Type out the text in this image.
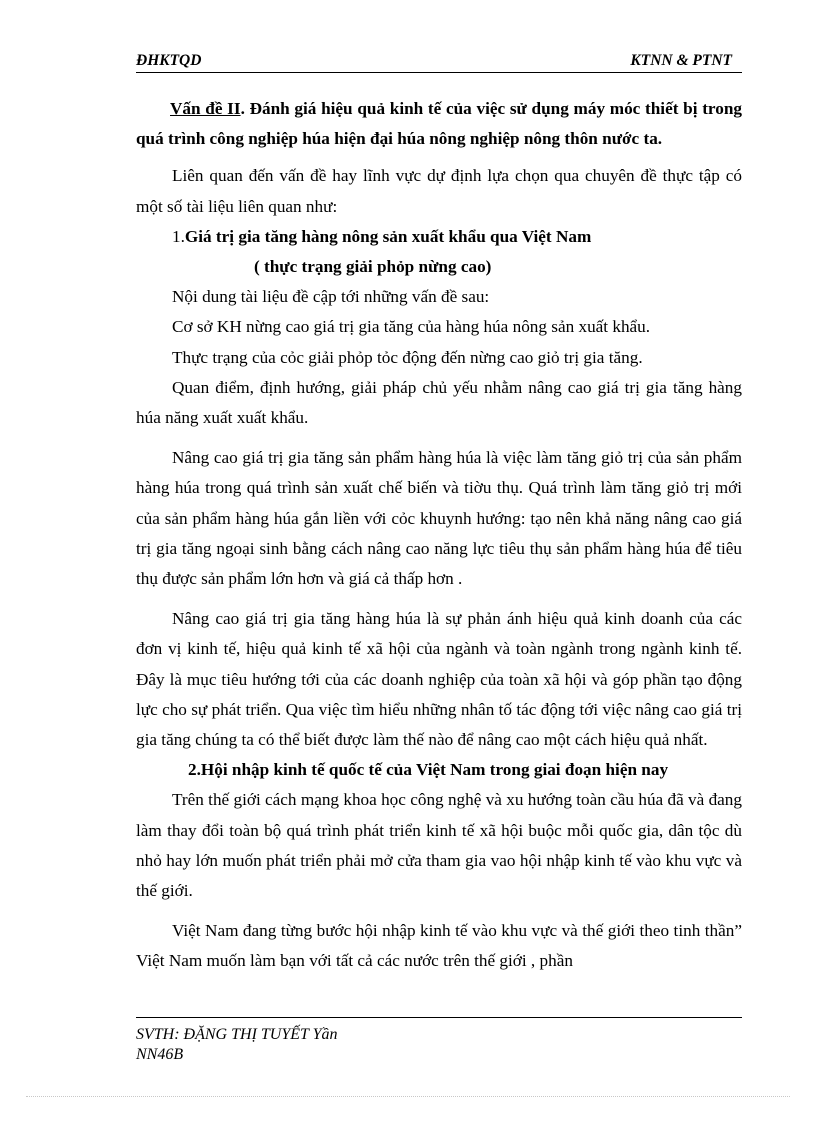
ĐHKTQD	KTNN & PTNT

Vấn đề II. Đánh giá hiệu quả kinh tế của việc sử dụng máy móc thiết bị trong quá trình công nghiệp húa hiện đại húa nông nghiệp nông thôn nước ta.

Liên quan đến vấn đề hay lĩnh vực dự định lựa chọn qua chuyên đề thực tập có một số tài liệu liên quan như:

1.Giá trị gia tăng hàng nông sản xuất khẩu qua Việt Nam

( thực trạng giải phỏp nừng cao)

Nội dung tài liệu đề cập tới những vấn đề sau:

Cơ sở KH nừng cao giá trị gia tăng của hàng húa nông sản xuất khẩu.

Thực trạng của cỏc giải phỏp tỏc động đến nừng cao giỏ trị gia tăng.

Quan điểm, định hướng, giải pháp chủ yếu nhằm nâng cao giá trị gia tăng hàng húa năng xuất xuất khẩu.

Nâng cao giá trị gia tăng sản phẩm hàng húa là việc làm tăng giỏ trị của sản phẩm hàng húa trong quá trình sản xuất chế biến và tiờu thụ. Quá trình làm tăng giỏ trị mới của sản phẩm hàng húa gắn liền với cỏc khuynh hướng: tạo nên khả năng nâng cao giá trị gia tăng ngoại sinh bằng cách nâng cao năng lực tiêu thụ sản phẩm hàng húa để tiêu thụ được sản phẩm lớn hơn và giá cả thấp hơn .

Nâng cao giá trị gia tăng hàng húa là sự phản ánh hiệu quả kinh doanh của các đơn vị kinh tế, hiệu quả kinh tế xã hội của ngành và toàn ngành trong ngành kinh tế. Đây là mục tiêu hướng tới của các doanh nghiệp của toàn xã hội và góp phần tạo động lực cho sự phát triển. Qua việc tìm hiểu những nhân tố tác động tới việc nâng cao giá trị gia tăng chúng ta có thể biết được làm thế nào để nâng cao một cách hiệu quả nhất.

2.Hội nhập kinh tế quốc tế của Việt Nam trong giai đoạn hiện nay

Trên thế giới cách mạng khoa học công nghệ và xu hướng toàn cầu húa đã và đang làm thay đổi toàn bộ quá trình phát triển kinh tế xã hội buộc mỗi quốc gia, dân tộc dù nhỏ hay lớn muốn phát triển phải mở cửa tham gia vao hội nhập kinh tế vào khu vực và thế giới.

Việt Nam đang từng bước hội nhập kinh tế vào khu vực và thế giới theo tinh thần” Việt Nam muốn làm bạn với tất cả các nước trên thế giới , phần

SVTH: ĐẶNG THỊ TUYẾT Yần
NN46B
